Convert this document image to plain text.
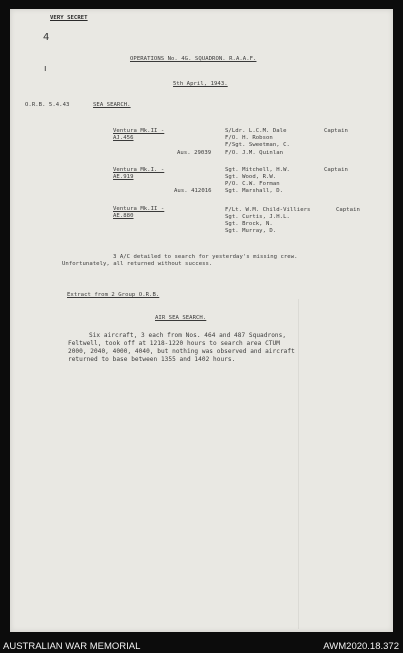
VERY SECRET
4
ı
OPERATIONS No. 4G. SQUADRON. R.A.A.F.
5th April, 1943.
O.R.B. 5.4.43	SEA SEARCH.
Ventura Mk.II -
AJ.456
S/Ldr. L.C.M. Dale
F/O. H. Robson
F/Sgt. Sweetman, C.
Aus. 29039 F/O. J.M. Quinlan
Captain
Ventura Mk.I. -
AE.919
Sgt. Mitchell, H.W.
Sgt. Wood, R.W.
P/O. C.W. Forman
Aus. 412016 Sgt. Marshall, D.
Captain
Ventura Mk.II -
AE.880
F/Lt. W.M. Child-Villiers
Sgt. Curtis, J.H.L.
Sgt. Brock, N.
Sgt. Murray, D.
Captain
3 A/C detailed to search for yesterday's missing crew.
Unfortunately, all returned without success.
Extract from 2 Group O.R.B.
AIR SEA SEARCH.
Six aircraft, 3 each from Nos. 464 and 487 Squadrons,
Feltwell, took off at 1218-1220 hours to search area CTUM
2000, 2040, 4000, 4040, but nothing was observed and aircraft
returned to base between 1355 and 1402 hours.
AUSTRALIAN WAR MEMORIAL	AWM2020.18.372
